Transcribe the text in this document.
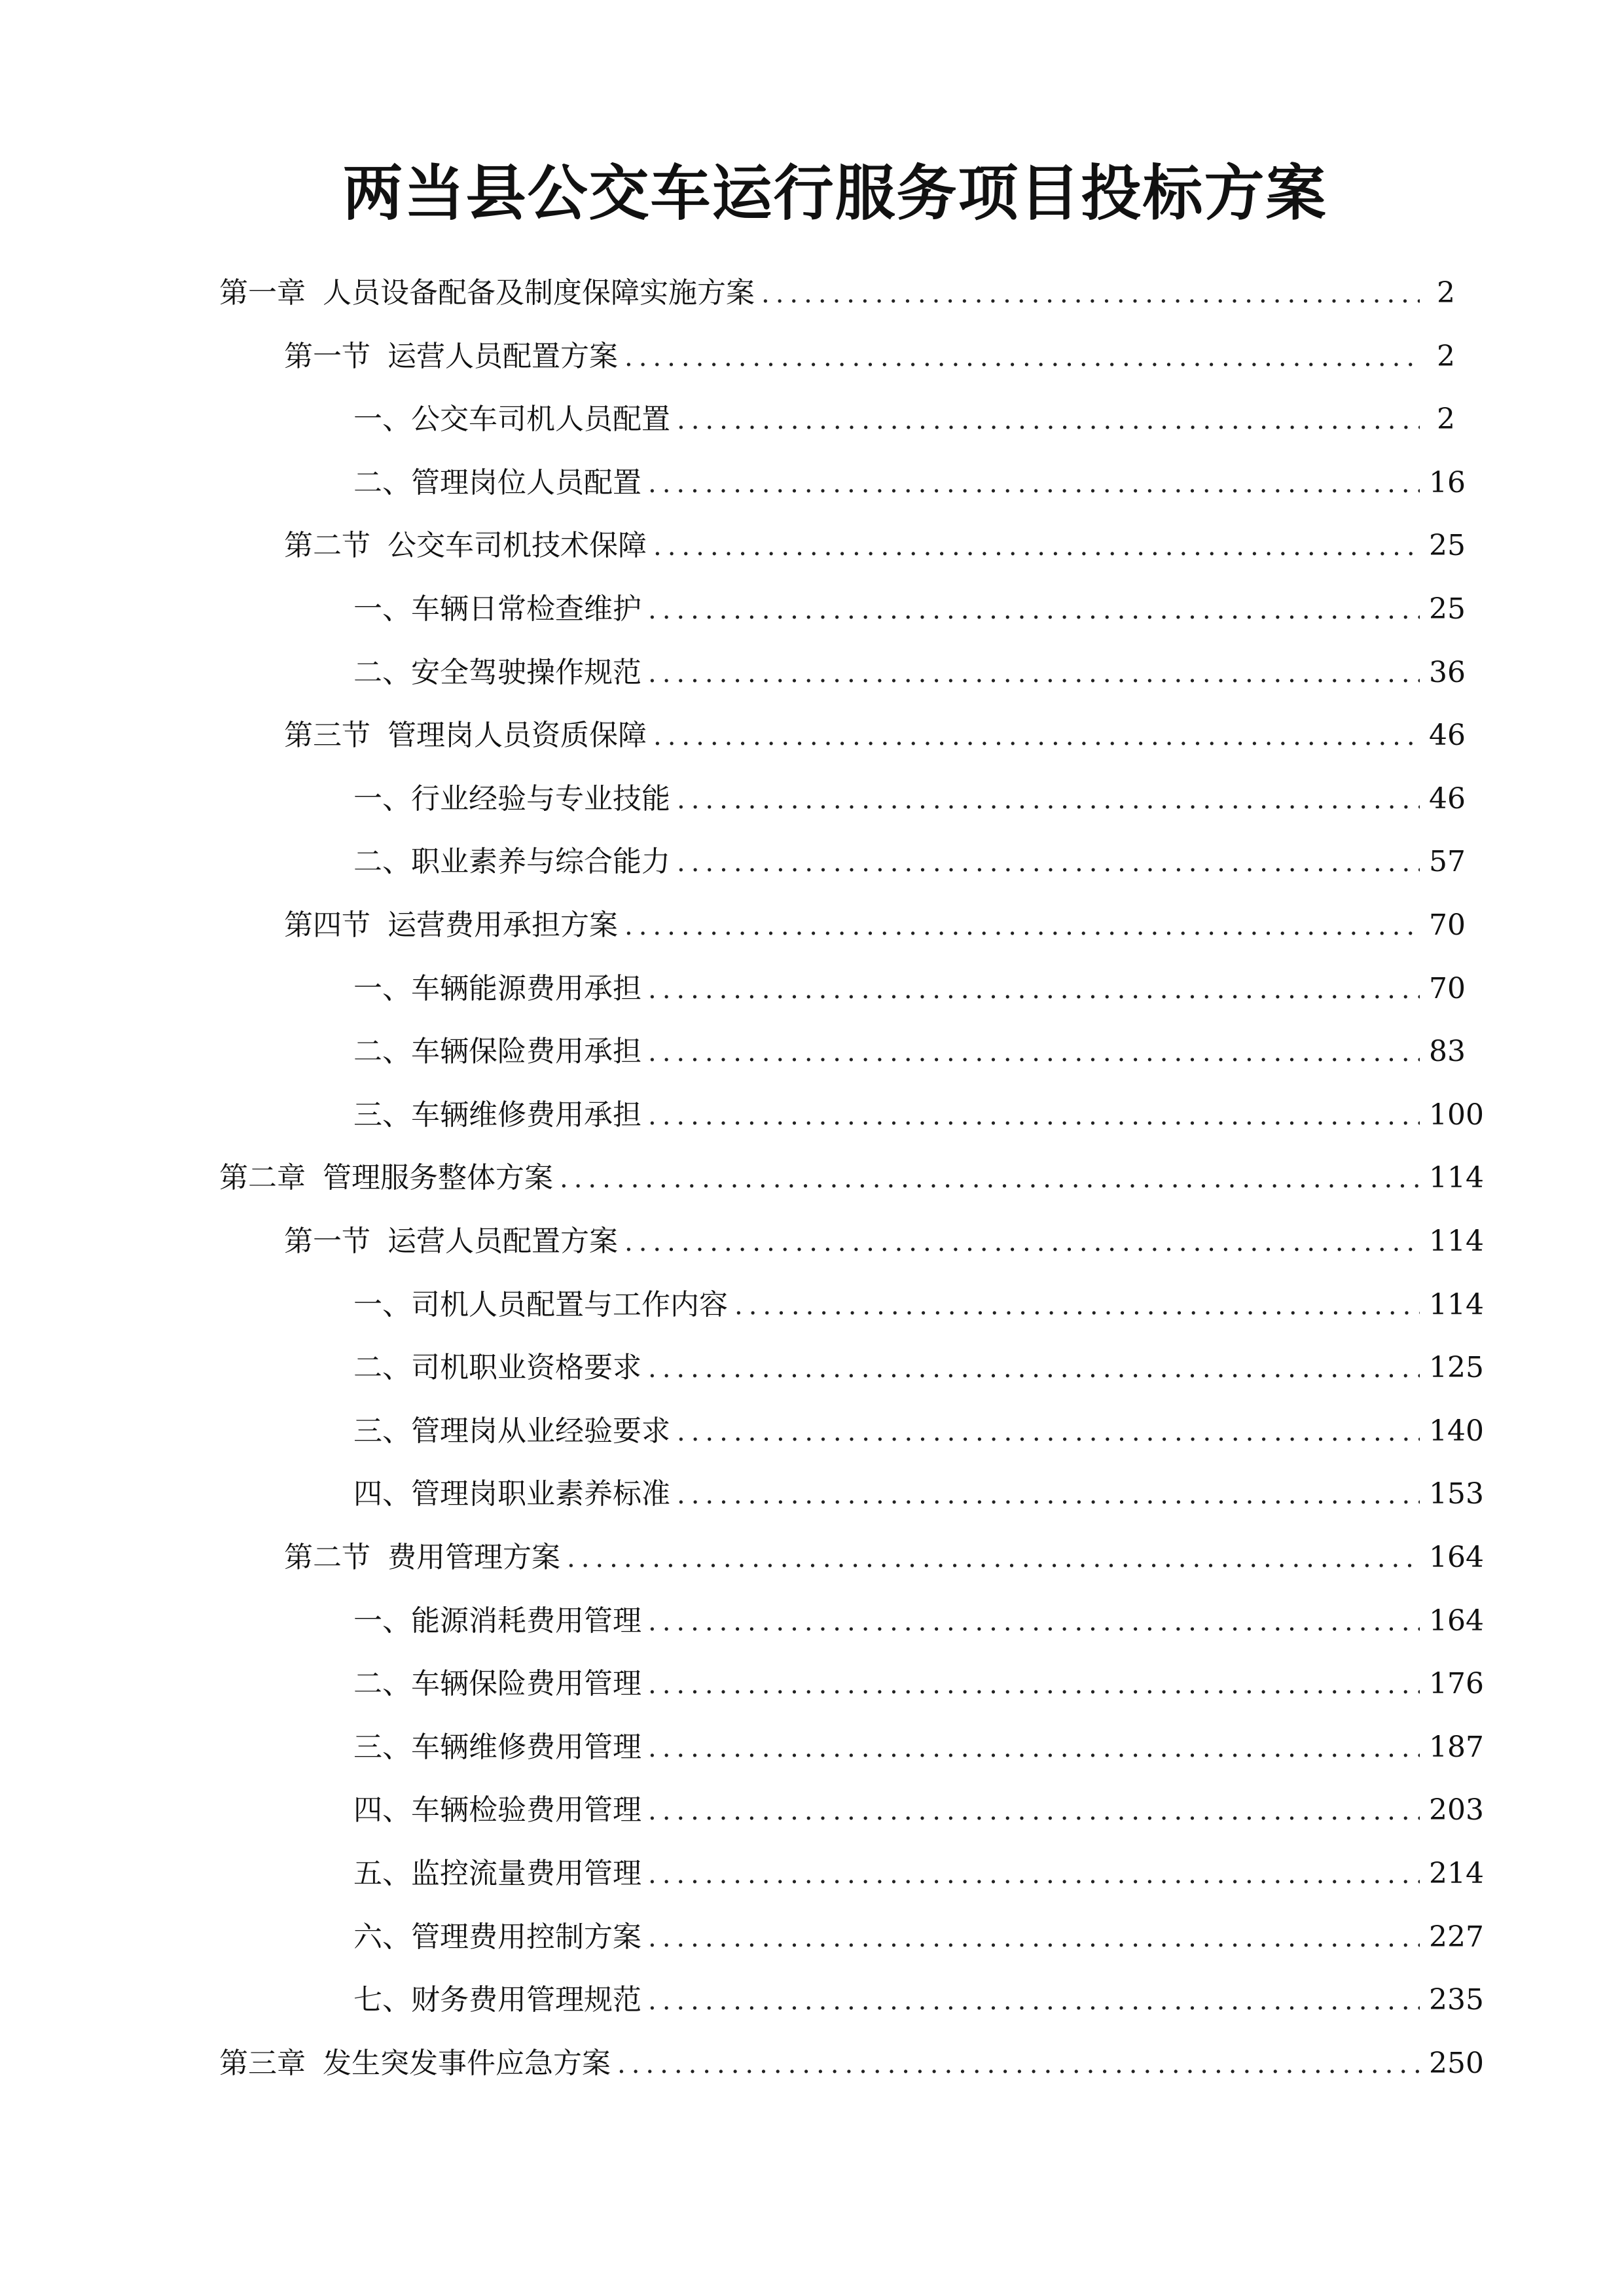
两当县公交车运行服务项目投标方案
第一章 人员设备配备及制度保障实施方案 .....	2
第一节 运营人员配置方案 .....	2
一、 公交车司机人员配置 .....	2
二、 管理岗位人员配置 .....	16
第二节 公交车司机技术保障 .....	25
一、 车辆日常检查维护 .....	25
二、 安全驾驶操作规范 .....	36
第三节 管理岗人员资质保障 .....	46
一、 行业经验与专业技能 .....	46
二、 职业素养与综合能力 .....	57
第四节 运营费用承担方案 .....	70
一、 车辆能源费用承担 .....	70
二、 车辆保险费用承担 .....	83
三、 车辆维修费用承担 .....	100
第二章 管理服务整体方案 .....	114
第一节 运营人员配置方案 .....	114
一、 司机人员配置与工作内容 .....	114
二、 司机职业资格要求 .....	125
三、 管理岗从业经验要求 .....	140
四、 管理岗职业素养标准 .....	153
第二节 费用管理方案 .....	164
一、 能源消耗费用管理 .....	164
二、 车辆保险费用管理 .....	176
三、 车辆维修费用管理 .....	187
四、 车辆检验费用管理 .....	203
五、 监控流量费用管理 .....	214
六、 管理费用控制方案 .....	227
七、 财务费用管理规范 .....	235
第三章 发生突发事件应急方案 .....	250
